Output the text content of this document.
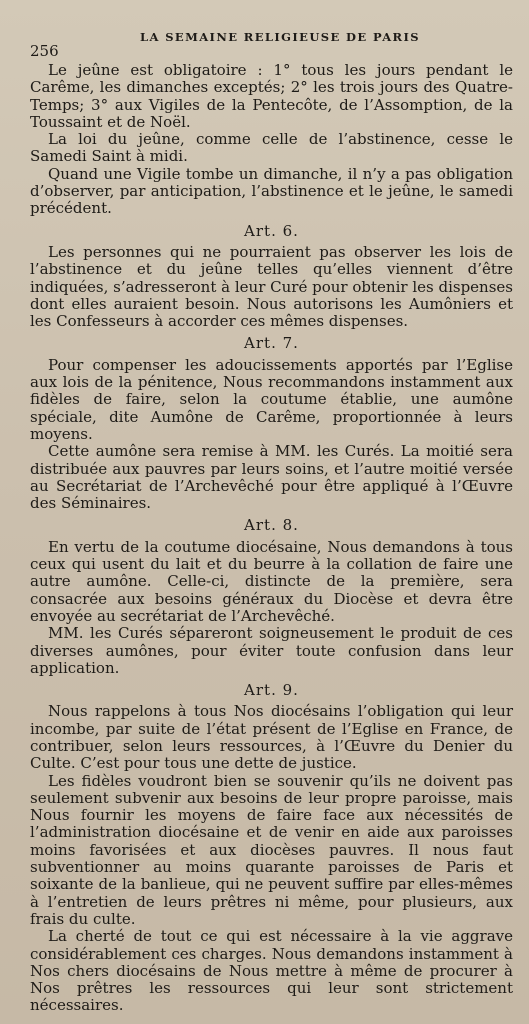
256
LA SEMAINE RELIGIEUSE DE PARIS

Le jeûne est obligatoire : 1° tous les jours pendant le Carême, les dimanches exceptés; 2° les trois jours des Quatre-Temps; 3° aux Vigiles de la Pentecôte, de l’Assomption, de la Toussaint et de Noël.

La loi du jeûne, comme celle de l’abstinence, cesse le Samedi Saint à midi.

Quand une Vigile tombe un dimanche, il n’y a pas obligation d’observer, par anticipation, l’abstinence et le jeûne, le samedi précédent.

Art. 6.

Les personnes qui ne pourraient pas observer les lois de l’abstinence et du jeûne telles qu’elles viennent d’être indiquées, s’adresseront à leur Curé pour obtenir les dispenses dont elles auraient besoin. Nous autorisons les Aumôniers et les Confesseurs à accorder ces mêmes dispenses.

Art. 7.

Pour compenser les adoucissements apportés par l’Eglise aux lois de la pénitence, Nous recommandons instamment aux fidèles de faire, selon la coutume établie, une aumône spéciale, dite Aumône de Carême, proportionnée à leurs moyens.

Cette aumône sera remise à MM. les Curés. La moitié sera distribuée aux pauvres par leurs soins, et l’autre moitié versée au Secrétariat de l’Archevêché pour être appliqué à l’Œuvre des Séminaires.

Art. 8.

En vertu de la coutume diocésaine, Nous demandons à tous ceux qui usent du lait et du beurre à la collation de faire une autre aumône. Celle-ci, distincte de la première, sera consacrée aux besoins généraux du Diocèse et devra être envoyée au secrétariat de l’Archevêché.

MM. les Curés sépareront soigneusement le produit de ces diverses aumônes, pour éviter toute confusion dans leur application.

Art. 9.

Nous rappelons à tous Nos diocésains l’obligation qui leur incombe, par suite de l’état présent de l’Eglise en France, de contribuer, selon leurs ressources, à l’Œuvre du Denier du Culte. C’est pour tous une dette de justice.

Les fidèles voudront bien se souvenir qu’ils ne doivent pas seulement subvenir aux besoins de leur propre paroisse, mais Nous fournir les moyens de faire face aux nécessités de l’administration diocésaine et de venir en aide aux paroisses moins favorisées et aux diocèses pauvres. Il nous faut subventionner au moins quarante paroisses de Paris et soixante de la banlieue, qui ne peuvent suffire par elles-mêmes à l’entretien de leurs prêtres ni même, pour plusieurs, aux frais du culte.

La cherté de tout ce qui est nécessaire à la vie aggrave considérablement ces charges. Nous demandons instamment à Nos chers diocésains de Nous mettre à même de procurer à Nos prêtres les ressources qui leur sont strictement nécessaires.
